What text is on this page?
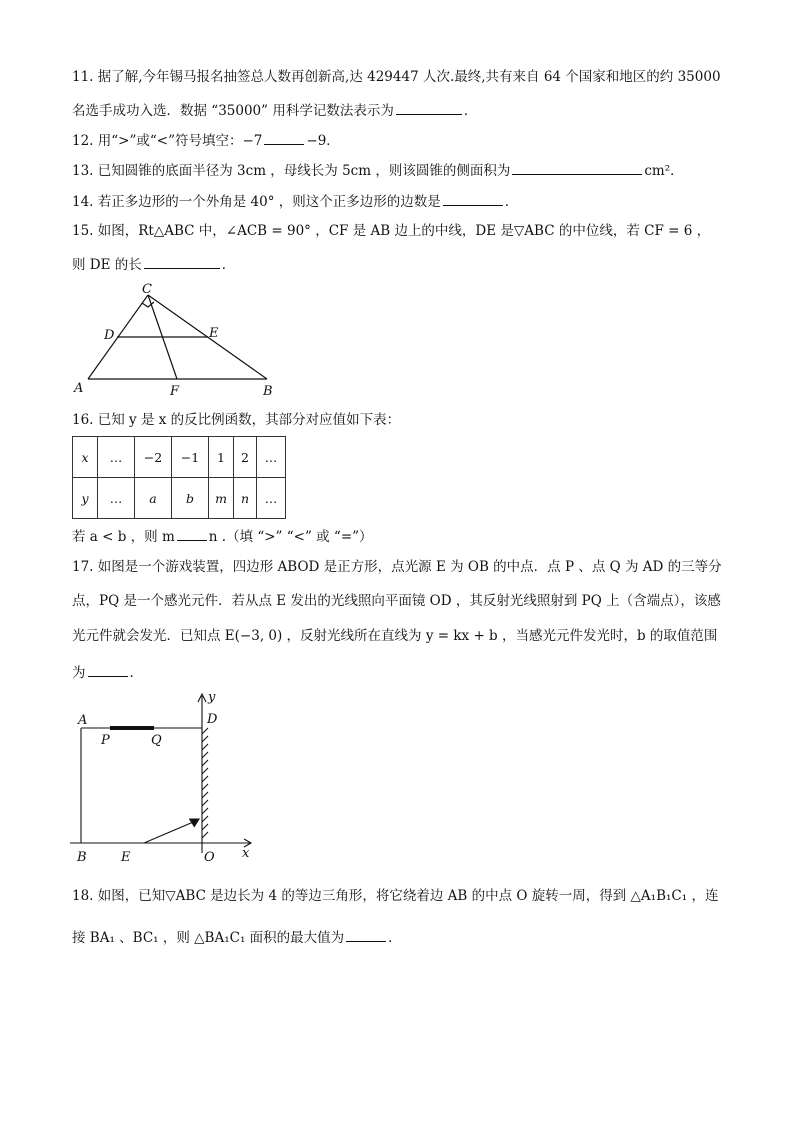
11. 据了解,今年锡马报名抽签总人数再创新高,达 429447 人次.最终,共有来自 64 个国家和地区的约 35000
名选手成功入选．数据 “35000” 用科学记数法表示为	．
12. 用“>”或“<”符号填空：−7	−9．
13. 已知圆锥的底面半径为 3cm ，母线长为 5cm ，则该圆锥的侧面积为	cm²．
14. 若正多边形的一个外角是 40° ，则这个正多边形的边数是	．
15. 如图，Rt△ABC 中，∠ACB = 90° ，CF 是 AB 边上的中线，DE 是▽ABC 的中位线，若 CF = 6 ，
则 DE 的长	．
C
D	E
A	F	B
16. 已知 y 是 x 的反比例函数，其部分对应值如下表：
x	…	−2	−1	1	2	…
y	…	a	b	m	n	…
若 a < b ，则 m	n .（填 “>” “<” 或 “=”）
17. 如图是一个游戏装置，四边形 ABOD 是正方形，点光源 E 为 OB 的中点．点 P 、点 Q 为 AD 的三等分
点，PQ 是一个感光元件．若从点 E 发出的光线照向平面镜 OD ，其反射光线照射到 PQ 上（含端点），该感
光元件就会发光．已知点 E(−3, 0) ，反射光线所在直线为 y = kx + b ，当感光元件发光时，b 的取值范围
为	．
A
P	Q
D
y
B	E	O x
18. 如图，已知▽ABC 是边长为 4 的等边三角形，将它绕着边 AB 的中点 O 旋转一周，得到 △A₁B₁C₁ ，连
接 BA₁ 、BC₁ ，则 △BA₁C₁ 面积的最大值为	．
